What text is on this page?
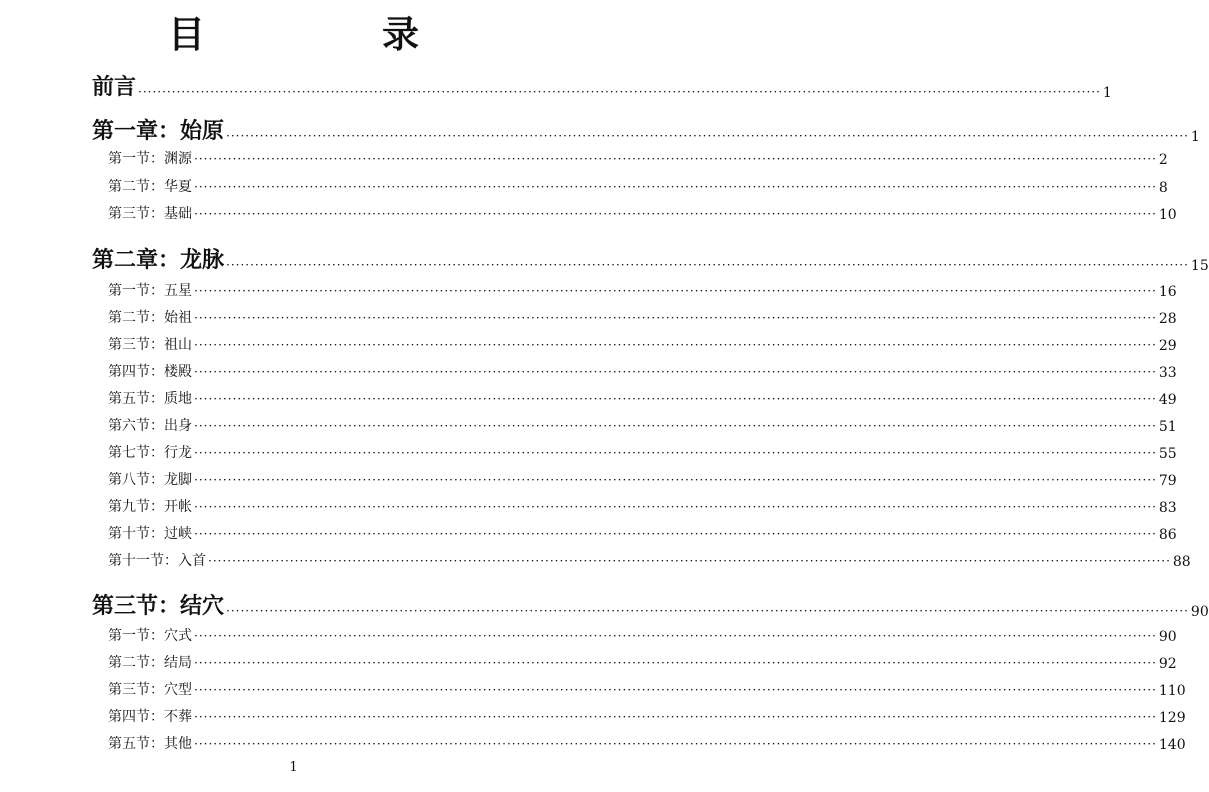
目　录
前言 ········································································································································································································ 1
第一章：始原 ········································································································································································································ 1
第一节：渊源 ········································································································································································································ 2
第二节：华夏 ········································································································································································································ 8
第三节：基础 ········································································································································································································ 10
第二章：龙脉 ········································································································································································································ 15
第一节：五星 ········································································································································································································ 16
第二节：始祖 ········································································································································································································ 28
第三节：祖山 ········································································································································································································ 29
第四节：楼殿 ········································································································································································································ 33
第五节：质地 ········································································································································································································ 49
第六节：出身 ········································································································································································································ 51
第七节：行龙 ········································································································································································································ 55
第八节：龙脚 ········································································································································································································ 79
第九节：开帐 ········································································································································································································ 83
第十节：过峡 ········································································································································································································ 86
第十一节：入首 ········································································································································································································ 88
第三节：结穴 ········································································································································································································ 90
第一节：穴式 ········································································································································································································ 90
第二节：结局 ········································································································································································································ 92
第三节：穴型 ········································································································································································································ 110
第四节：不葬 ········································································································································································································ 129
第五节：其他 ········································································································································································································ 140
1
